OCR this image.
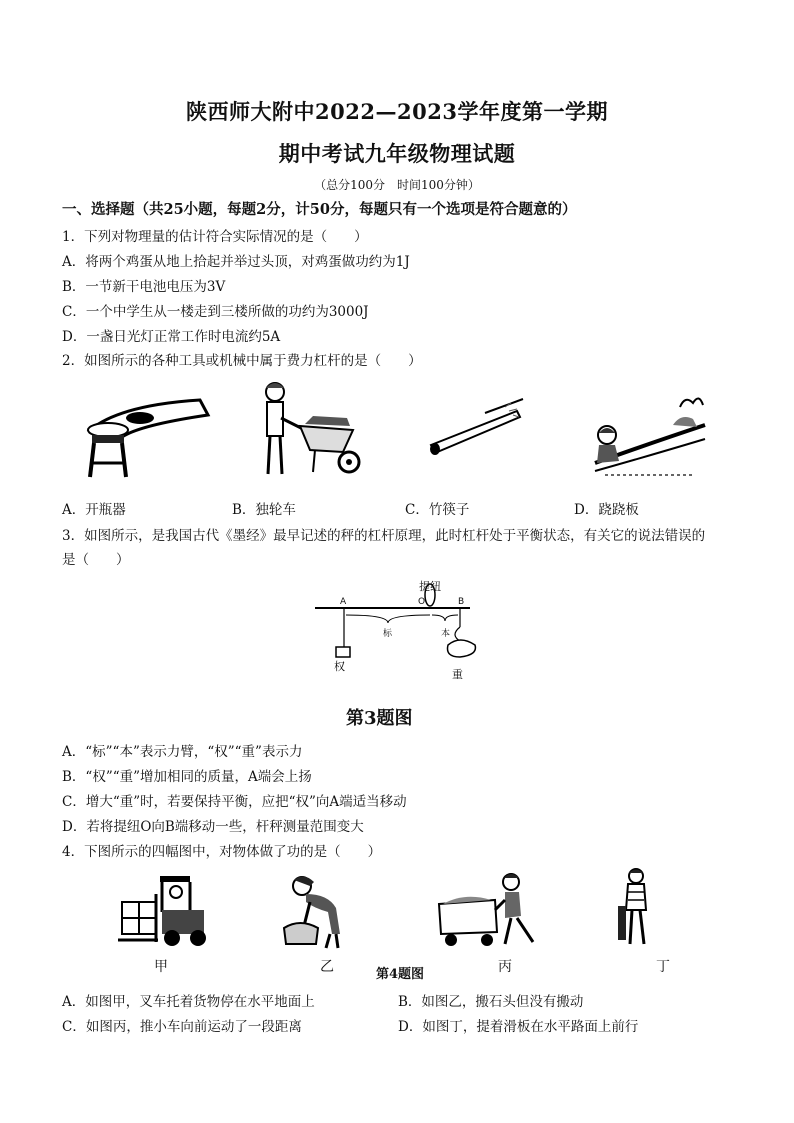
陕西师大附中2022—2023学年度第一学期
期中考试九年级物理试题
（总分100分　时间100分钟）
一、选择题（共25小题，每题2分，计50分，每题只有一个选项是符合题意的）
1．下列对物理量的估计符合实际情况的是（　　）
A．将两个鸡蛋从地上拾起并举过头顶，对鸡蛋做功约为1J
B．一节新干电池电压为3V
C．一个中学生从一楼走到三楼所做的功约为3000J
D．一盏日光灯正常工作时电流约5A
2．如图所示的各种工具或机械中属于费力杠杆的是（　　）
A．开瓶器	B．独轮车	C．竹筷子	D．跷跷板
3．如图所示，是我国古代《墨经》最早记述的秤的杠杆原理，此时杠杆处于平衡状态，有关它的说法错误的
是（　　）
提纽
A	O	B
标	本
权
重
第3题图
A．“标”“本”表示力臂，“权”“重”表示力
B．“权”“重”增加相同的质量，A端会上扬
C．增大“重”时，若要保持平衡，应把“权”向A端适当移动
D．若将提纽O向B端移动一些，杆秤测量范围变大
4．下图所示的四幅图中，对物体做了功的是（　　）
甲	乙	第4题图	丙	丁
A．如图甲，叉车托着货物停在水平地面上	B．如图乙，搬石头但没有搬动
C．如图丙，推小车向前运动了一段距离	D．如图丁，提着滑板在水平路面上前行
